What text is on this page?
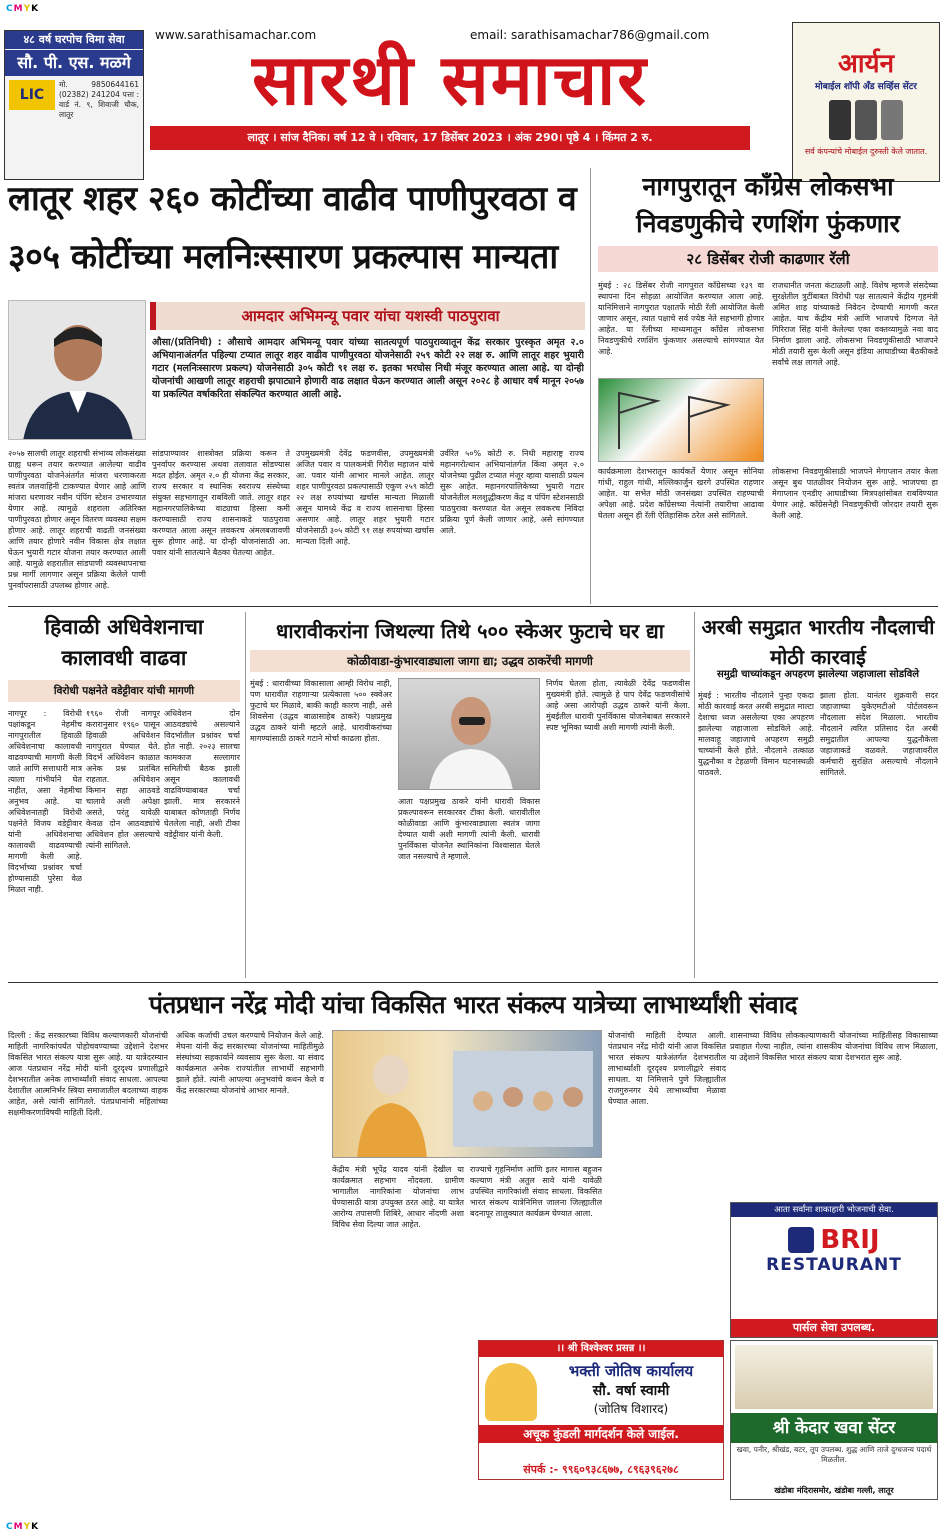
CMYK
CMYK
www.sarathisamachar.com	email: sarathisamachar786@gmail.com
सारथी समाचार
लातूर । सांज दैनिक। वर्ष 12 वे । रविवार, 17 डिसेंबर 2023 । अंक 290। पृष्ठे 4 । किंमत 2 रु.
४८ वर्ष घरपोच विमा सेवा
सौ. पी. एस. मळगे
LIC
मो. 9850644161 (02382) 241204 पत्ता : वार्ड नं. ९, शिवाजी चौक, लातूर
आर्यन
मोबाईल शॉपी अँड सर्व्हिस सेंटर
सर्व कंपन्यांचे मोबाईल दुरुस्ती केले जातात.
लातूर शहर २६० कोटींच्या वाढीव पाणीपुरवठा व ३०५ कोटींच्या मलनिःस्सारण प्रकल्पास मान्यता
आमदार अभिमन्यू पवार यांचा यशस्वी पाठपुरावा
औसा/(प्रतिनिधी) : औसाचे आमदार अभिमन्यू पवार यांच्या सातत्यपूर्ण पाठपुराव्यातून केंद्र सरकार पुरस्कृत अमृत २.० अभियानाअंतर्गत पहिल्या टप्यात लातूर शहर वाढीव पाणीपुरवठा योजनेसाठी २५९ कोटी २२ लक्ष रु. आणि लातूर शहर भुयारी गटार (मलनिःस्सारण प्रकल्प) योजनेसाठी ३०५ कोटी ९१ लक्ष रु. इतका भरघोस निधी मंजूर करण्यात आला आहे. या दोन्ही योजनांची आखणी लातूर शहराची झपाट्याने होणारी वाढ लक्षात घेऊन करण्यात आली असून २०२८ हे आधार वर्ष मानून २०५७ या प्रकल्पित वर्षाकरिता संकल्पित करण्यात आली आहे.
२०५७ सालची लातूर शहराची संभाव्य लोकसंख्या ग्राह्य धरून तयार करण्यात आलेल्या वाढीव पाणीपुरवठा योजनेअंतर्गत मांजरा धरणाकरता स्वतंत्र जलवाहिनी टाकण्यात येणार आहे आणि मांजरा धरणावर नवीन पंपिंग स्टेशन उभारण्यात येणार आहे. त्यामुळे शहराला अतिरिक्त पाणीपुरवठा होणार असून वितरण व्यवस्था सक्षम होणार आहे. लातूर शहराची वाढती जनसंख्या आणि तयार होणारे नवीन विकास क्षेत्र लक्षात घेऊन भुयारी गटार योजना तयार करण्यात आली आहे. यामुळे शहरातील सांडपाणी व्यवस्थापनाचा प्रश्न मार्गी लागणार असून प्रक्रिया केलेले पाणी पुनर्वापरासाठी उपलब्ध होणार आहे.
सांडपाण्यावर शास्त्रोक्त प्रक्रिया करून ते पुनर्वापर करण्यास अथवा तलावात सोडण्यास मदत होईल. अमृत २.० ही योजना केंद्र सरकार, राज्य सरकार व स्थानिक स्वराज्य संस्थेच्या संयुक्त सहभागातून राबविली जाते. लातूर शहर महानगरपालिकेच्या वाट्याचा हिस्सा कमी करण्यासाठी राज्य शासनाकडे पाठपुरावा करण्यात आला असून लवकरच अंमलबजावणी सुरू होणार आहे. या दोन्ही योजनांसाठी आ. पवार यांनी सातत्याने बैठका घेतल्या आहेत.
उपमुख्यमंत्री देवेंद्र फडणवीस, उपमुख्यमंत्री अजित पवार व पालकमंत्री गिरीश महाजन यांचे आ. पवार यांनी आभार मानले आहेत. लातूर शहर पाणीपुरवठा प्रकल्पासाठी एकूण २५९ कोटी २२ लक्ष रुपयांच्या खर्चास मान्यता मिळाली असून यामध्ये केंद्र व राज्य शासनाचा हिस्सा असणार आहे. लातूर शहर भुयारी गटार योजनेसाठी ३०५ कोटी ९१ लक्ष रुपयांच्या खर्चास मान्यता दिली आहे.
उर्वरित ५०% कोटी रु. निधी महाराष्ट्र राज्य महानगरोत्थान अभियानांतर्गत किंवा अमृत २.० योजनेच्या पुढील टप्यात मंजूर व्हावा यासाठी प्रयत्न सुरू आहेत. महानगरपालिकेच्या भुयारी गटार योजनेतील मलशुद्धीकरण केंद्र व पंपिंग स्टेशनसाठी पाठपुरावा करण्यात येत असून लवकरच निविदा प्रक्रिया पूर्ण केली जाणार आहे, असे सांगण्यात आले.
नागपुरातून काँग्रेस लोकसभा निवडणुकीचे रणशिंग फुंकणार
२८ डिसेंबर रोजी काढणार रॅली
मुंबई : २८ डिसेंबर रोजी नागपुरात काँग्रेसच्या १३९ वा स्थापना दिन सोहळा आयोजित करण्यात आला आहे. यानिमित्ताने नागपुरात पक्षातर्फे मोठी रॅली आयोजित केली जाणार असून, त्यात पक्षाचे सर्व ज्येष्ठ नेते सहभागी होणार आहेत. या रॅलीच्या माध्यमातून काँग्रेस लोकसभा निवडणुकीचे रणशिंग फुंकणार असल्याचे सांगण्यात येत आहे.
राजधानीत जनता कंटाळली आहे. विशेष म्हणजे संसदेच्या सुरक्षेतील त्रुटींबाबत विरोधी पक्ष सातत्याने केंद्रीय गृहमंत्री अमित शाह यांच्याकडे निवेदन देण्याची मागणी करत आहेत. याच केंद्रीय मंत्री आणि भाजपचे दिग्गज नेते गिरिराज सिंह यांनी केलेल्या एका वक्तव्यामुळे नवा वाद निर्माण झाला आहे. लोकसभा निवडणुकीसाठी भाजपने मोठी तयारी सुरू केली असून इंडिया आघाडीच्या बैठकीकडे सर्वांचे लक्ष लागले आहे.
कार्यक्रमाला देशभरातून कार्यकर्ते येणार असून सोनिया गांधी, राहुल गांधी, मल्लिकार्जुन खरगे उपस्थित राहणार आहेत. या सभेत मोठी जनसंख्या उपस्थित राहण्याची अपेक्षा आहे. प्रदेश काँग्रेसच्या नेत्यांनी तयारीचा आढावा घेतला असून ही रॅली ऐतिहासिक ठरेल असे सांगितले.
लोकसभा निवडणुकीसाठी भाजपने मेगाप्लान तयार केला असून बुथ पातळीवर नियोजन सुरू आहे. भाजपचा हा मेगाप्लान एनडीए आघाडीच्या मित्रपक्षांसोबत राबविण्यात येणार आहे. काँग्रेसनेही निवडणुकीची जोरदार तयारी सुरू केली आहे.
हिवाळी अधिवेशनाचा कालावधी वाढवा
विरोधी पक्षनेते वडेट्टीवार यांची मागणी
नागपूर : विरोधी पक्षांकडून नेहमीच नागपुरातील हिवाळी अधिवेशनाचा कालावधी वाढवण्याची मागणी केली जाते आणि सत्ताधारी मात्र त्याला गांभीर्याने घेत नाहीत, असा नेहमीचा अनुभव आहे. या अधिवेशनातही विरोधी पक्षनेते विजय वडेट्टीवार यांनी अधिवेशनाचा कालावधी वाढवण्याची मागणी केली आहे. विदर्भाच्या प्रश्नांवर चर्चा होण्यासाठी पुरेसा वेळ मिळत नाही.
१९६० रोजी नागपूर करारानुसार १९६० पासून हिवाळी अधिवेशन नागपुरात घेण्यात येते. विदर्भ अधिवेशन काळात अनेक प्रश्न प्रलंबित राहतात. अधिवेशन किमान सहा आठवडे चालावे अशी अपेक्षा असते, परंतु यावेळी केवळ दोन आठवड्यांचे अधिवेशन होत असल्याचे त्यांनी सांगितले.
अधिवेशन दोन आठवड्यांचे असल्याने विदर्भातील प्रश्नांवर चर्चा होत नाही. २०२३ सालचा कामकाज सल्लागार समितीची बैठक झाली असून कालावधी वाढविण्याबाबत चर्चा झाली. मात्र सरकारने याबाबत कोणताही निर्णय घेतलेला नाही, अशी टीका वडेट्टीवार यांनी केली.
धारावीकरांना जिथल्या तिथे ५०० स्केअर फुटाचे घर द्या
कोळीवाडा-कुंभारवाड्याला जागा द्या; उद्धव ठाकरेंची मागणी
मुंबई : धारावीच्या विकासाला आम्ही विरोध नाही, पण धारावीत राहणाऱ्या प्रत्येकाला ५०० स्क्वेअर फुटाचे घर मिळावे, बाकी काही कारण नाही, असे शिवसेना (उद्धव बाळासाहेब ठाकरे) पक्षप्रमुख उद्धव ठाकरे यांनी म्हटले आहे. धारावीकरांच्या मागण्यांसाठी ठाकरे गटाने मोर्चा काढला होता.
आता पक्षप्रमुख ठाकरे यांनी धारावी विकास प्रकल्पावरून सरकारवर टीका केली. धारावीतील कोळीवाडा आणि कुंभारवाड्याला स्वतंत्र जागा देण्यात यावी अशी मागणी त्यांनी केली. धारावी पुनर्विकास योजनेत स्थानिकांना विश्वासात घेतले जात नसल्याचे ते म्हणाले.
निर्णय घेतला होता, त्यावेळी देवेंद्र फडणवीस मुख्यमंत्री होते. त्यामुळे हे पाप देवेंद्र फडणवीसांचे आहे असा आरोपही उद्धव ठाकरे यांनी केला. मुंबईतील धारावी पुनर्विकास योजनेबाबत सरकारने स्पष्ट भूमिका घ्यावी अशी मागणी त्यांनी केली.
अरबी समुद्रात भारतीय नौदलाची मोठी कारवाई
समुद्री चाच्यांकडून अपहरण झालेल्या जहाजाला सोडविले
मुंबई : भारतीय नौदलाने पुन्हा एकदा मोठी कारवाई करत अरबी समुद्रात माल्टा देशाचा ध्वज असलेल्या एका अपहरण झालेल्या जहाजाला सोडविले आहे. मालवाहू जहाजाचे अपहरण समुद्री चाच्यांनी केले होते. नौदलाने तत्काळ युद्धनौका व टेहळणी विमान घटनास्थळी पाठवले.
झाला होता. यानंतर शुक्रवारी सदर जहाजाच्या युकेएमटीओ पोर्टलवरून नौदलाला संदेश मिळाला. भारतीय नौदलाने त्वरित प्रतिसाद देत अरबी समुद्रातील आपल्या युद्धनौकेला जहाजाकडे वळवले. जहाजावरील कर्मचारी सुरक्षित असल्याचे नौदलाने सांगितले.
पंतप्रधान नरेंद्र मोदी यांचा विकसित भारत संकल्प यात्रेच्या लाभार्थ्यांशी संवाद
दिल्ली : केंद्र सरकारच्या विविध कल्याणकारी योजनांची माहिती नागरिकांपर्यंत पोहोचवण्याच्या उद्देशाने देशभर विकसित भारत संकल्प यात्रा सुरू आहे. या यात्रेदरम्यान आज पंतप्रधान नरेंद्र मोदी यांनी दूरदृश्य प्रणालीद्वारे देशभरातील अनेक लाभार्थ्यांशी संवाद साधला. आपल्या देशातील आत्मनिर्भर स्त्रिया समाजातील बदलाच्या वाहक आहेत, असे त्यांनी सांगितले. पंतप्रधानांनी महिलांच्या सक्षमीकरणाविषयी माहिती दिली.
अधिक कर्जाची उचल करण्याचे नियोजन केले आहे. मेघना यांनी केंद्र सरकारच्या योजनांच्या माहितीमुळे संस्थांच्या सहकार्याने व्यवसाय सुरू केला. या संवाद कार्यक्रमात अनेक राज्यांतील लाभार्थी सहभागी झाले होते. त्यांनी आपल्या अनुभवांचे कथन केले व केंद्र सरकारच्या योजनांचे आभार मानले.
केंद्रीय मंत्री भूपेंद्र यादव यांनी देखील या कार्यक्रमात सहभाग नोंदवला. ग्रामीण भागातील नागरिकांना योजनांचा लाभ घेण्यासाठी यात्रा उपयुक्त ठरत आहे. या यात्रेत आरोग्य तपासणी शिबिरे, आधार नोंदणी अशा विविध सेवा दिल्या जात आहेत.
राज्याचे गृहनिर्माण आणि इतर मागास बहुजन कल्याण मंत्री अतुल सावे यांनी यावेळी उपस्थित नागरिकांशी संवाद साधला. विकसित भारत संकल्प यात्रेनिमित्त जालना जिल्ह्यातील बदनापूर तालुक्यात कार्यक्रम घेण्यात आला.
योजनांची माहिती देण्यात आली. पंतप्रधान नरेंद्र मोदी यांनी आज विकसित भारत संकल्प यात्रेअंतर्गत देशभरातील लाभार्थ्यांशी दूरदृश्य प्रणालीद्वारे संवाद साधला. या निमित्ताने पुणे जिल्ह्यातील राजगुरुनगर येथे लाभार्थ्यांचा मेळावा घेण्यात आला.
शासनाच्या विविध लोककल्याणकारी योजनांच्या माहितीसह विकासाच्या प्रवाहात गेल्या नाहीत, त्यांना शासकीय योजनांचा विविध लाभ मिळाला, या उद्देशाने विकसित भारत संकल्प यात्रा देशभरात सुरू आहे.
।। श्री विश्वेश्वर प्रसन्न ।।
भक्ती जोतिष कार्यालय
सौ. वर्षा स्वामी
(जोतिष विशारद)
अचूक कुंडली मार्गदर्शन केले जाईल.
संपर्क :- ९९६०९३८६७७, ८९६३९६२७८
आता सर्वांना शाकाहारी भोजनाची सेवा.
BRIJ
RESTAURANT
पार्सल सेवा उपलब्ध.
श्री केदार खवा सेंटर
खवा, पनीर, श्रीखंड, बटर, तूप उपलब्ध. शुद्ध आणि ताजे दुग्धजन्य पदार्थ मिळतील.
खंडोबा मंदिरासमोर, खंडोबा गल्ली, लातूर
